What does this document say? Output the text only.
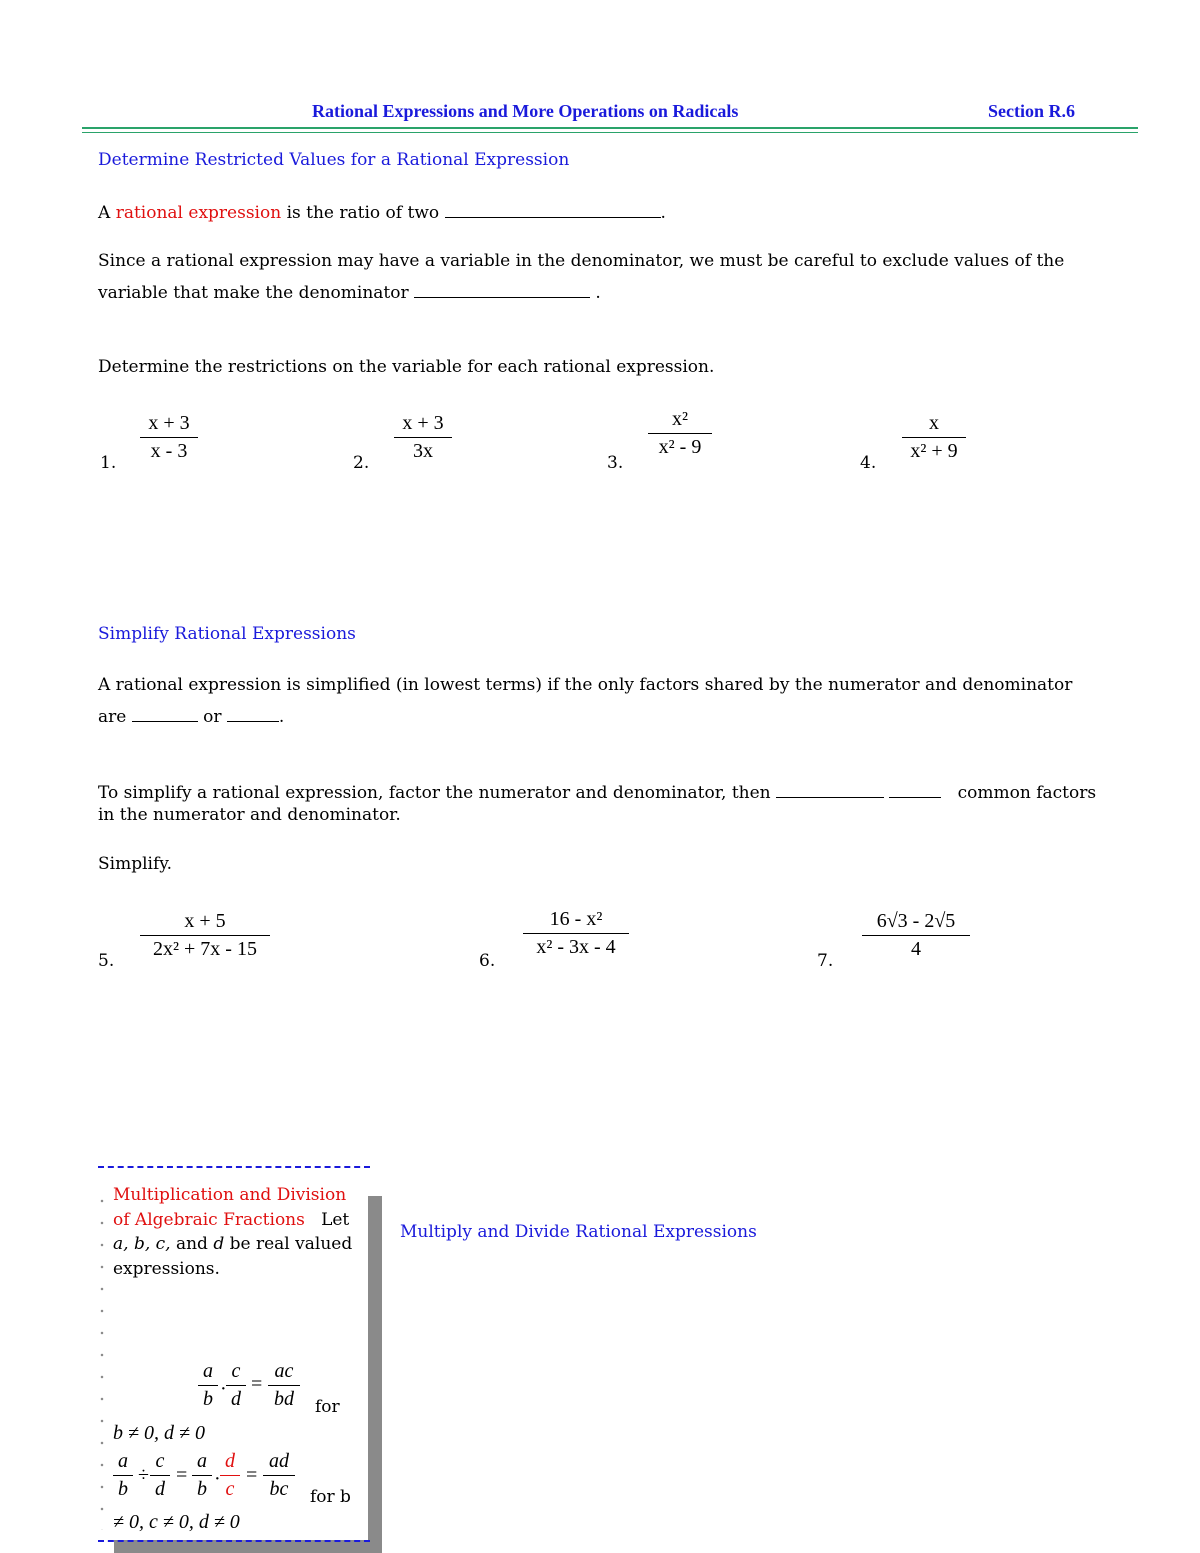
Rational Expressions and More Operations on Radicals	Section R.6
Determine Restricted Values for a Rational Expression
A rational expression is the ratio of two	.
Since a rational expression may have a variable in the denominator, we must be careful to exclude values of the
variable that make the denominator	.
Determine the restrictions on the variable for each rational expression.
1.
x + 3
x - 3
2.
x + 3
3x
3.
x²
x² - 9
4.
x
x² + 9
Simplify Rational Expressions
A rational expression is simplified (in lowest terms) if the only factors shared by the numerator and denominator
are	or	.
To simplify a rational expression, factor the numerator and denominator, then	common factors
in the numerator and denominator.
Simplify.
5.
x + 5
2x² + 7x - 15
6.
16 - x²
x² - 3x - 4
7.
6√3 - 2√5
4
Multiplication and Division of Algebraic Fractions Let a, b, c, and d be real valued expressions.
a
b ·
c
d
=
ac
bd	for
b ≠ 0, d ≠ 0
a
b
÷
c
d
=
a
b ·
d
c
=
ad
bc	for b
≠ 0, c ≠ 0, d ≠ 0
Multiply and Divide Rational Expressions
